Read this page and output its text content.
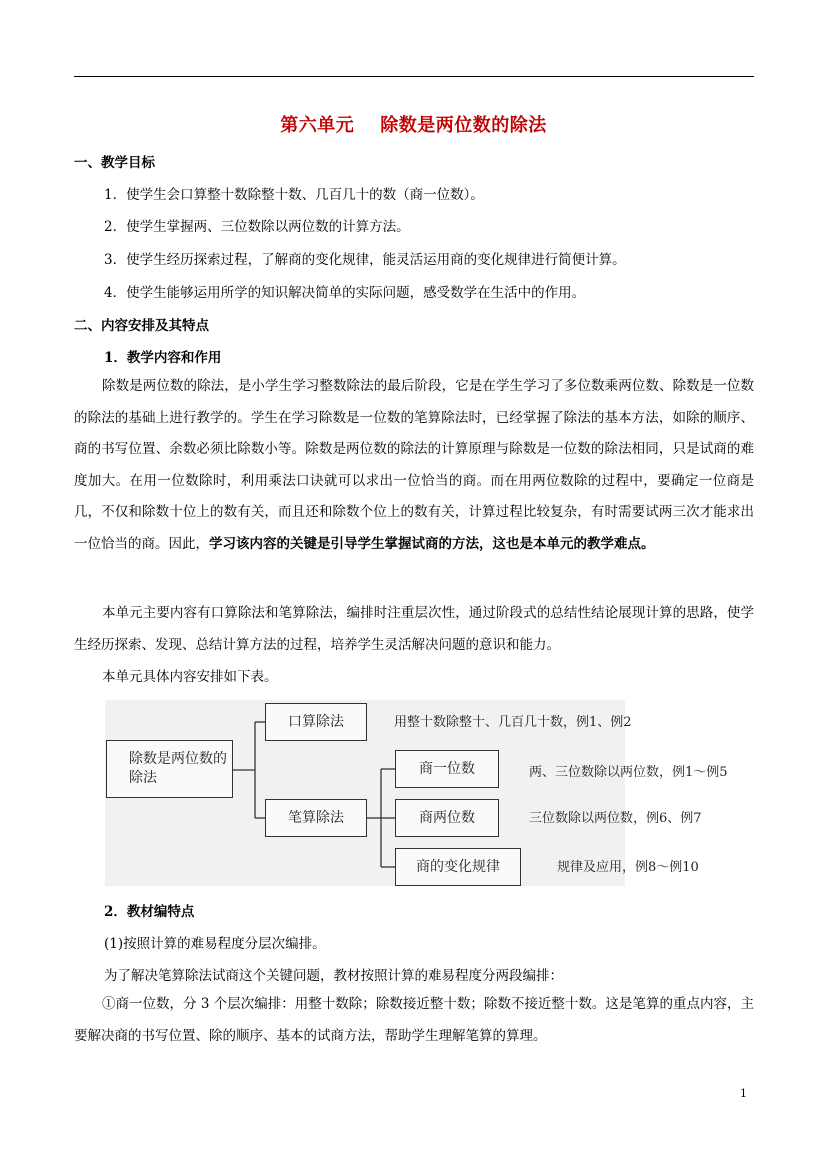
第六单元 除数是两位数的除法
一、教学目标
1．使学生会口算整十数除整十数、几百几十的数（商一位数）。
2．使学生掌握两、三位数除以两位数的计算方法。
3．使学生经历探索过程，了解商的变化规律，能灵活运用商的变化规律进行简便计算。
4．使学生能够运用所学的知识解决简单的实际问题，感受数学在生活中的作用。
二、内容安排及其特点
1．教学内容和作用
除数是两位数的除法，是小学生学习整数除法的最后阶段，它是在学生学习了多位数乘两位数、除数是一位数的除法的基础上进行教学的。学生在学习除数是一位数的笔算除法时，已经掌握了除法的基本方法，如除的顺序、商的书写位置、余数必须比除数小等。除数是两位数的除法的计算原理与除数是一位数的除法相同，只是试商的难度加大。在用一位数除时，利用乘法口诀就可以求出一位恰当的商。而在用两位数除的过程中，要确定一位商是几，不仅和除数十位上的数有关，而且还和除数个位上的数有关，计算过程比较复杂，有时需要试两三次才能求出一位恰当的商。因此，学习该内容的关键是引导学生掌握试商的方法，这也是本单元的教学难点。
本单元主要内容有口算除法和笔算除法，编排时注重层次性，通过阶段式的总结性结论展现计算的思路，使学生经历探索、发现、总结计算方法的过程，培养学生灵活解决问题的意识和能力。
本单元具体内容安排如下表。
除数是两位数的除法
口算除法	用整十数除整十、几百几十数，例1、例2
笔算除法
商一位数	两、三位数除以两位数，例1～例5
商两位数	三位数除以两位数，例6、例7
商的变化规律	规律及应用，例8～例10
2．教材编特点
(1)按照计算的难易程度分层次编排。
为了解决笔算除法试商这个关键问题，教材按照计算的难易程度分两段编排：
①商一位数，分 3 个层次编排：用整十数除；除数接近整十数；除数不接近整十数。这是笔算的重点内容，主要解决商的书写位置、除的顺序、基本的试商方法，帮助学生理解笔算的算理。
1
